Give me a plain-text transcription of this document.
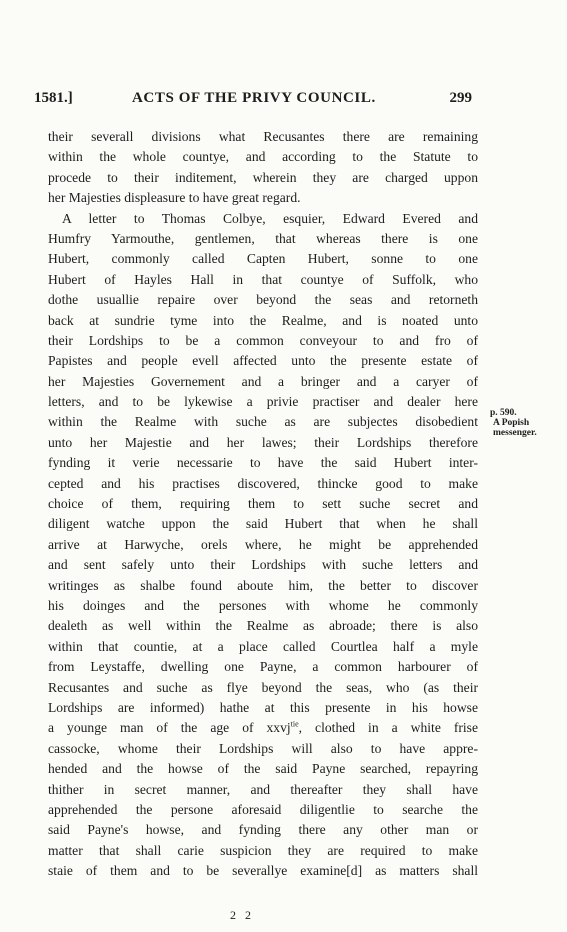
1581.]	ACTS OF THE PRIVY COUNCIL.	299
p. 590.
A Popish
messenger.
their severall divisions what Recusantes there are remaining
within the whole countye, and according to the Statute to
procede to their inditement, wherein they are charged uppon
her Majesties displeasure to have great regard.
A letter to Thomas Colbye, esquier, Edward Evered and
Humfry Yarmouthe, gentlemen, that whereas there is one
Hubert, commonly called Capten Hubert, sonne to one
Hubert of Hayles Hall in that countye of Suffolk, who
dothe usuallie repaire over beyond the seas and retorneth
back at sundrie tyme into the Realme, and is noated unto
their Lordships to be a common conveyour to and fro of
Papistes and people evell affected unto the presente estate of
her Majesties Governement and a bringer and a caryer of
letters, and to be lykewise a privie practiser and dealer here
within the Realme with suche as are subjectes disobedient
unto her Majestie and her lawes; their Lordships therefore
fynding it verie necessarie to have the said Hubert inter-
cepted and his practises discovered, thincke good to make
choice of them, requiring them to sett suche secret and
diligent watche uppon the said Hubert that when he shall
arrive at Harwyche, orels where, he might be apprehended
and sent safely unto their Lordships with suche letters and
writinges as shalbe found aboute him, the better to discover
his doinges and the persones with whome he commonly
dealeth as well within the Realme as abroade; there is also
within that countie, at a place called Courtlea half a myle
from Leystaffe, dwelling one Payne, a common harbourer of
Recusantes and suche as flye beyond the seas, who (as their
Lordships are informed) hathe at this presente in his howse
a younge man of the age of xxvj$^{tie}$, clothed in a white frise
cassocke, whome their Lordships will also to have appre-
hended and the howse of the said Payne searched, repayring
thither in secret manner, and thereafter they shall have
apprehended the persone aforesaid diligentlie to searche the
said Payne's howse, and fynding there any other man or
matter that shall carie suspicion they are required to make
staie of them and to be severallye examine[d] as matters shall
2 2
